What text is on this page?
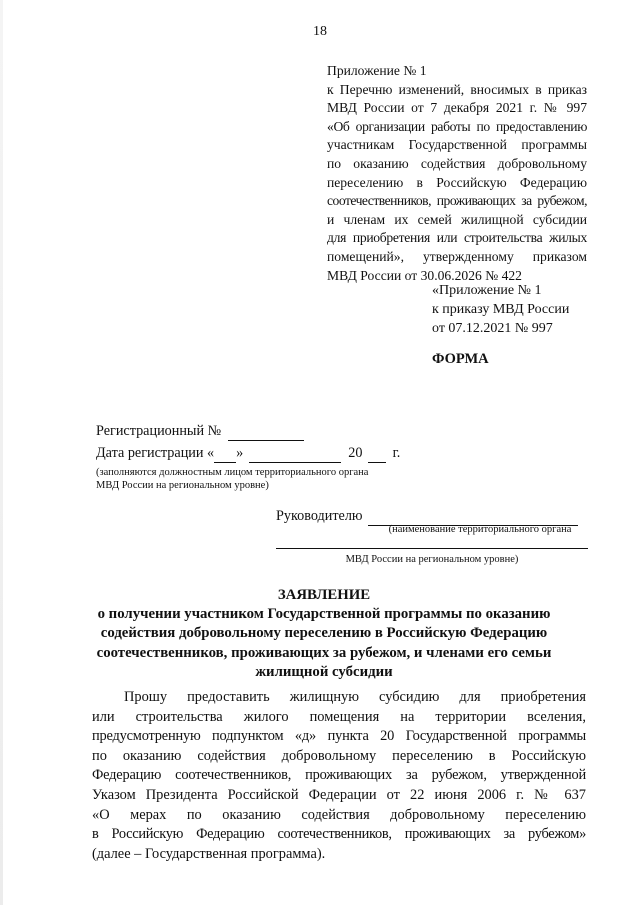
18

Приложение № 1

к Перечню изменений, вносимых в приказ

МВД России от 7 декабря 2021 г. № 997

«Об организации работы по предоставлению

участникам Государственной программы

по оказанию содействия добровольному

переселению в Российскую Федерацию

соотечественников, проживающих за рубежом,

и членам их семей жилищной субсидии

для приобретения или строительства жилых

помещений», утвержденному приказом

МВД России от 30.06.2026 № 422

«Приложение № 1

к приказу МВД России

от 07.12.2021 № 997

ФОРМА
Регистрационный №
Дата регистрации « »	20 г.

(заполняются должностным лицом территориального органа

МВД России на региональном уровне)

Руководителю
(наименование территориального органа
МВД России на региональном уровне)

ЗАЯВЛЕНИЕ

о получении участником Государственной программы по оказанию

содействия добровольному переселению в Российскую Федерацию

соотечественников, проживающих за рубежом, и членами его семьи

жилищной субсидии

Прошу предоставить жилищную субсидию для приобретения

или строительства жилого помещения на территории вселения,

предусмотренную подпунктом «д» пункта 20 Государственной программы

по оказанию содействия добровольному переселению в Российскую

Федерацию соотечественников, проживающих за рубежом, утвержденной

Указом Президента Российской Федерации от 22 июня 2006 г. № 637

«О мерах по оказанию содействия добровольному переселению

в Российскую Федерацию соотечественников, проживающих за рубежом»

(далее – Государственная программа).
